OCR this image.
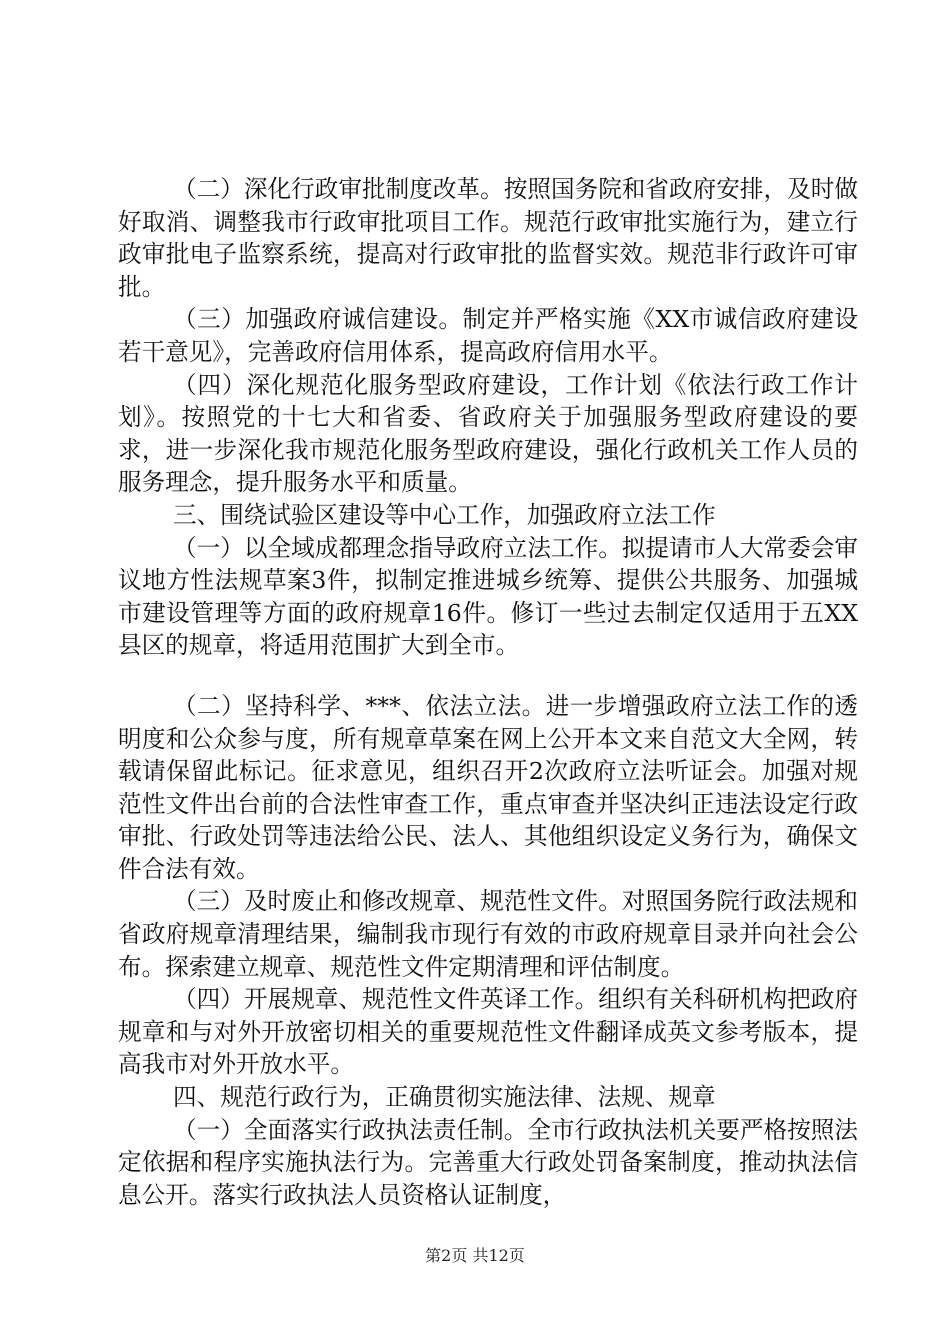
（二）深化行政审批制度改革。按照国务院和省政府安排，及时做好取消、调整我市行政审批项目工作。规范行政审批实施行为，建立行政审批电子监察系统，提高对行政审批的监督实效。规范非行政许可审批。

（三）加强政府诚信建设。制定并严格实施《XX市诚信政府建设若干意见》，完善政府信用体系，提高政府信用水平。

（四）深化规范化服务型政府建设，工作计划《依法行政工作计划》。按照党的十七大和省委、省政府关于加强服务型政府建设的要求，进一步深化我市规范化服务型政府建设，强化行政机关工作人员的服务理念，提升服务水平和质量。

三、围绕试验区建设等中心工作，加强政府立法工作

（一）以全域成都理念指导政府立法工作。拟提请市人大常委会审议地方性法规草案3件，拟制定推进城乡统筹、提供公共服务、加强城市建设管理等方面的政府规章16件。修订一些过去制定仅适用于五XX县区的规章，将适用范围扩大到全市。

（二）坚持科学、***、依法立法。进一步增强政府立法工作的透明度和公众参与度，所有规章草案在网上公开本文来自范文大全网，转载请保留此标记。征求意见，组织召开2次政府立法听证会。加强对规范性文件出台前的合法性审查工作，重点审查并坚决纠正违法设定行政审批、行政处罚等违法给公民、法人、其他组织设定义务行为，确保文件合法有效。

（三）及时废止和修改规章、规范性文件。对照国务院行政法规和省政府规章清理结果，编制我市现行有效的市政府规章目录并向社会公布。探索建立规章、规范性文件定期清理和评估制度。

（四）开展规章、规范性文件英译工作。组织有关科研机构把政府规章和与对外开放密切相关的重要规范性文件翻译成英文参考版本，提高我市对外开放水平。

四、规范行政行为，正确贯彻实施法律、法规、规章

（一）全面落实行政执法责任制。全市行政执法机关要严格按照法定依据和程序实施执法行为。完善重大行政处罚备案制度，推动执法信息公开。落实行政执法人员资格认证制度，

第2页 共12页
